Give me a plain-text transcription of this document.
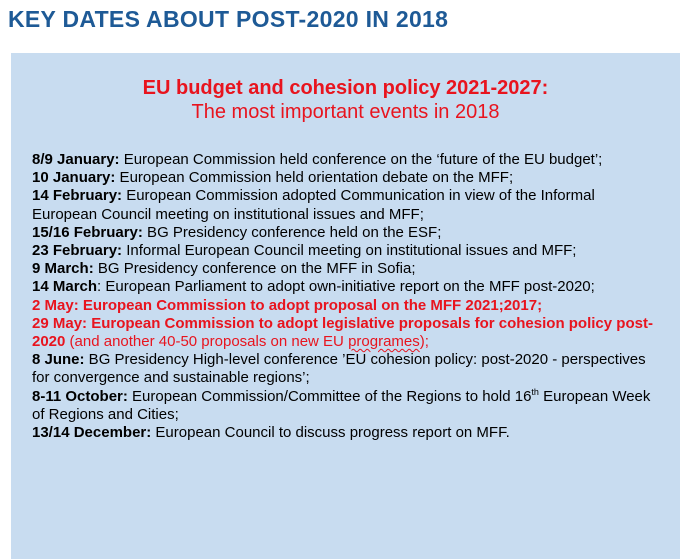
KEY DATES ABOUT POST-2020 IN 2018
EU budget and cohesion policy 2021-2027:
The most important events in 2018

8/9 January: European Commission held conference on the ‘future of the EU budget’;

10 January: European Commission held orientation debate on the MFF;

14 February: European Commission adopted Communication in view of the Informal European Council meeting on institutional issues and MFF;

15/16 February: BG Presidency conference held on the ESF;

23 February: Informal European Council meeting on institutional issues and MFF;

9 March: BG Presidency conference on the MFF in Sofia;

14 March: European Parliament to adopt own-initiative report on the MFF post-2020;

2 May: European Commission to adopt proposal on the MFF 2021;2017;

29 May: European Commission to adopt legislative proposals for cohesion policy post-2020 (and another 40-50 proposals on new EU programes);

8 June: BG Presidency High-level conference ’EU cohesion policy: post-2020 - perspectives for convergence and sustainable regions’;

8-11 October: European Commission/Committee of the Regions to hold 16th European Week of Regions and Cities;

13/14 December: European Council to discuss progress report on MFF.
